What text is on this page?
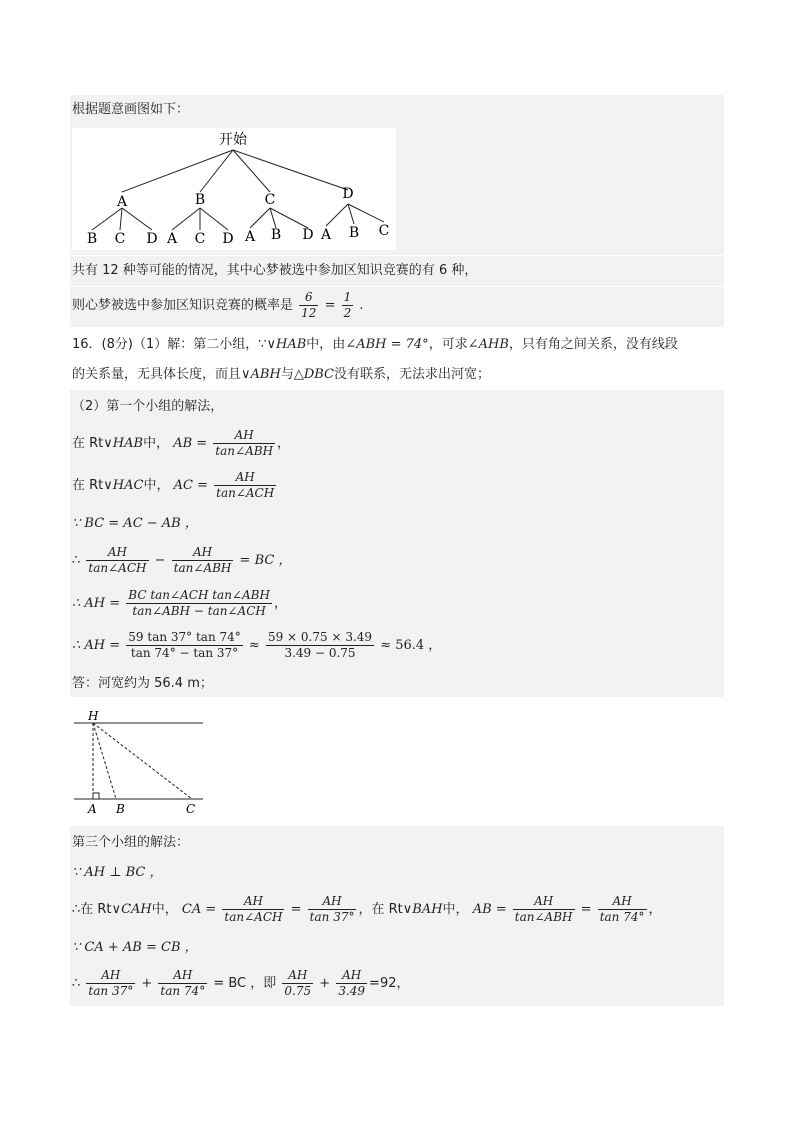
根据题意画图如下：
开始
A	B	C	D
B C D A C D A B D A B C
共有 12 种等可能的情况，其中心梦被选中参加区知识竞赛的有 6 种，
则心梦被选中参加区知识竞赛的概率是 $\frac{6}{12} = \frac{1}{2}$ .
16．(8分)（1）解：第二小组，∵∨HAB中，由∠ABH = 74°，可求∠AHB，只有角之间关系，没有线段
的关系量，无具体长度，而且∨ABH与△DBC没有联系，无法求出河宽；
（2）第一个小组的解法，
在 Rt∨HAB中， AB = $\frac{AH}{\text{tan∠ABH}}$ ，
在 Rt∨HAC中， AC = $\frac{AH}{\text{tan∠ACH}}$
∵ BC = AC − AB ，
∴ $\frac{AH}{\text{tan∠ACH}} - \frac{AH}{\text{tan∠ABH}}$ = BC ，
∴ AH = $\frac{\text{BC tan∠ACH tan∠ABH}}{\text{tan∠ABH − tan∠ACH}}$ ，
∴ AH = $\frac{59 \tan 37^\circ \tan 74^\circ}{\tan 74^\circ - \tan 37^\circ} \approx \frac{59 \times 0.75 \times 3.49}{3.49 - 0.75} \approx 56.4$ ，
答：河宽约为 56.4 m；
H
A B	C
第三个小组的解法：
∵ AH ⊥ BC ，
∴在 Rt∨CAH中， CA = $\frac{AH}{\text{tan∠ACH}} = \frac{AH}{\tan 37^\circ}$ ，在 Rt∨BAH中， AB = $\frac{AH}{\text{tan∠ABH}} = \frac{AH}{\tan 74^\circ}$ ，
∵ CA + AB = CB ，
∴ $\frac{AH}{\tan 37^\circ} + \frac{AH}{\tan 74^\circ}$ = BC ，即 $\frac{AH}{0.75} + \frac{AH}{3.49} =92$，
